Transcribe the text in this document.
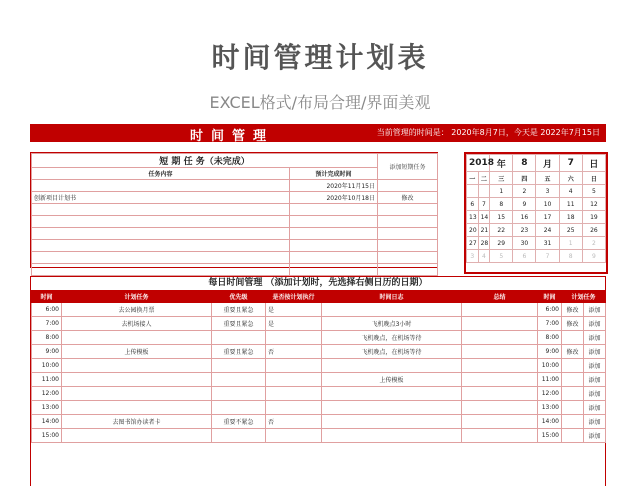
时间管理计划表
EXCEL格式/布局合理/界面美观
时间管理	当前管理的时间是： 2020年8月7日，今天是 2022年7月15日
短 期 任 务（未完成）		添加短期任务
任务内容	预计完成时间	
	2020年11月15日	
创新项目计划书	2020年10月18日	修改

2018		年	8	月	7	日
一	二	三	四	五	六	日
		1	2	3	4	5
6	7	8	9	10	11	12
13	14	15	16	17	18	19
20	21	22	23	24	25	26
27	28	29	30	31	1	2
3	4	5	6	7	8	9
每日时间管理 （添加计划时，先选择右侧日历的日期）
时间	计划任务	优先级	是否按计划执行	时间日志	总结	时间	计划任务	
6:00	去公园换月票	重要且紧急	是			6:00	修改	添加
7:00	去机场接人	重要且紧急	是	飞机晚点3小时		7:00	修改	添加
8:00				飞机晚点，在机场等待		8:00		添加
9:00	上传模板	重要且紧急	否	飞机晚点，在机场等待		9:00	修改	添加
10:00						10:00		添加
11:00				上传模板		11:00		添加
12:00						12:00		添加
13:00						13:00		添加
14:00	去图书馆办读者卡	重要不紧急	否			14:00		添加
15:00						15:00		添加
